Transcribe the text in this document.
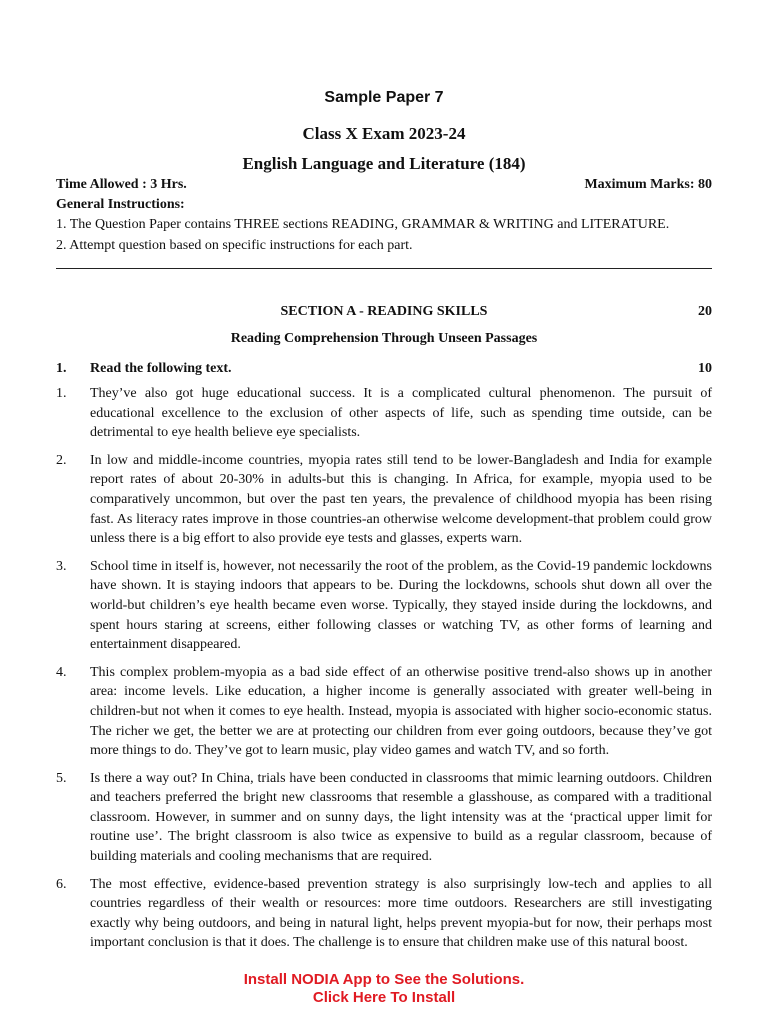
Sample Paper 7
Class X Exam 2023-24
English Language and Literature (184)
Time Allowed : 3 Hrs.	Maximum Marks: 80
General Instructions:
1. The Question Paper contains THREE sections READING, GRAMMAR & WRITING and LITERATURE.
2. Attempt question based on specific instructions for each part.
SECTION A - READING SKILLS	20
Reading Comprehension Through Unseen Passages
1. Read the following text.	10
1. They’ve also got huge educational success. It is a complicated cultural phenomenon. The pursuit of educational excellence to the exclusion of other aspects of life, such as spending time outside, can be detrimental to eye health believe eye specialists.
2. In low and middle-income countries, myopia rates still tend to be lower-Bangladesh and India for example report rates of about 20-30% in adults-but this is changing. In Africa, for example, myopia used to be comparatively uncommon, but over the past ten years, the prevalence of childhood myopia has been rising fast. As literacy rates improve in those countries-an otherwise welcome development-that problem could grow unless there is a big effort to also provide eye tests and glasses, experts warn.
3. School time in itself is, however, not necessarily the root of the problem, as the Covid-19 pandemic lockdowns have shown. It is staying indoors that appears to be. During the lockdowns, schools shut down all over the world-but children’s eye health became even worse. Typically, they stayed inside during the lockdowns, and spent hours staring at screens, either following classes or watching TV, as other forms of learning and entertainment disappeared.
4. This complex problem-myopia as a bad side effect of an otherwise positive trend-also shows up in another area: income levels. Like education, a higher income is generally associated with greater well-being in children-but not when it comes to eye health. Instead, myopia is associated with higher socio-economic status. The richer we get, the better we are at protecting our children from ever going outdoors, because they’ve got more things to do. They’ve got to learn music, play video games and watch TV, and so forth.
5. Is there a way out? In China, trials have been conducted in classrooms that mimic learning outdoors. Children and teachers preferred the bright new classrooms that resemble a glasshouse, as compared with a traditional classroom. However, in summer and on sunny days, the light intensity was at the ‘practical upper limit for routine use’. The bright classroom is also twice as expensive to build as a regular classroom, because of building materials and cooling mechanisms that are required.
6. The most effective, evidence-based prevention strategy is also surprisingly low-tech and applies to all countries regardless of their wealth or resources: more time outdoors. Researchers are still investigating exactly why being outdoors, and being in natural light, helps prevent myopia-but for now, their perhaps most important conclusion is that it does. The challenge is to ensure that children make use of this natural boost.
Install NODIA App to See the Solutions.
Click Here To Install
